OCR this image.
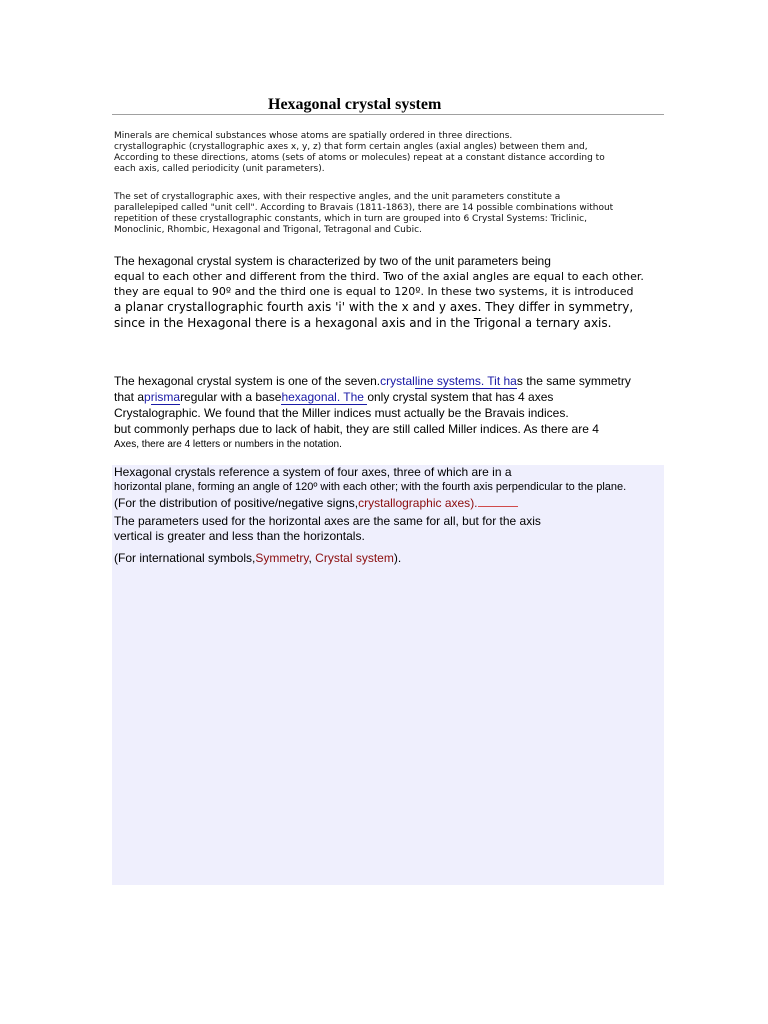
Hexagonal crystal system
Minerals are chemical substances whose atoms are spatially ordered in three directions.
crystallographic (crystallographic axes x, y, z) that form certain angles (axial angles) between them and,
According to these directions, atoms (sets of atoms or molecules) repeat at a constant distance according to
each axis, called periodicity (unit parameters).
The set of crystallographic axes, with their respective angles, and the unit parameters constitute a
parallelepiped called "unit cell". According to Bravais (1811-1863), there are 14 possible combinations without
repetition of these crystallographic constants, which in turn are grouped into 6 Crystal Systems: Triclinic,
Monoclinic, Rhombic, Hexagonal and Trigonal, Tetragonal and Cubic.
The hexagonal crystal system is characterized by two of the unit parameters being
equal to each other and different from the third. Two of the axial angles are equal to each other.
they are equal to 90º and the third one is equal to 120º. In these two systems, it is introduced
a planar crystallographic fourth axis 'i' with the x and y axes. They differ in symmetry,
since in the Hexagonal there is a hexagonal axis and in the Trigonal a ternary axis.
The hexagonal crystal system is one of the seven.crystalline systems. Tit has the same symmetry
that aprismaregular with a basehexagonal. The only crystal system that has 4 axes
Crystalographic. We found that the Miller indices must actually be the Bravais indices.
but commonly perhaps due to lack of habit, they are still called Miller indices. As there are 4
Axes, there are 4 letters or numbers in the notation.
Hexagonal crystals reference a system of four axes, three of which are in a
horizontal plane, forming an angle of 120º with each other; with the fourth axis perpendicular to the plane.
(For the distribution of positive/negative signs,crystallographic axes).
The parameters used for the horizontal axes are the same for all, but for the axis
vertical is greater and less than the horizontals.
(For international symbols,Symmetry, Crystal system).
